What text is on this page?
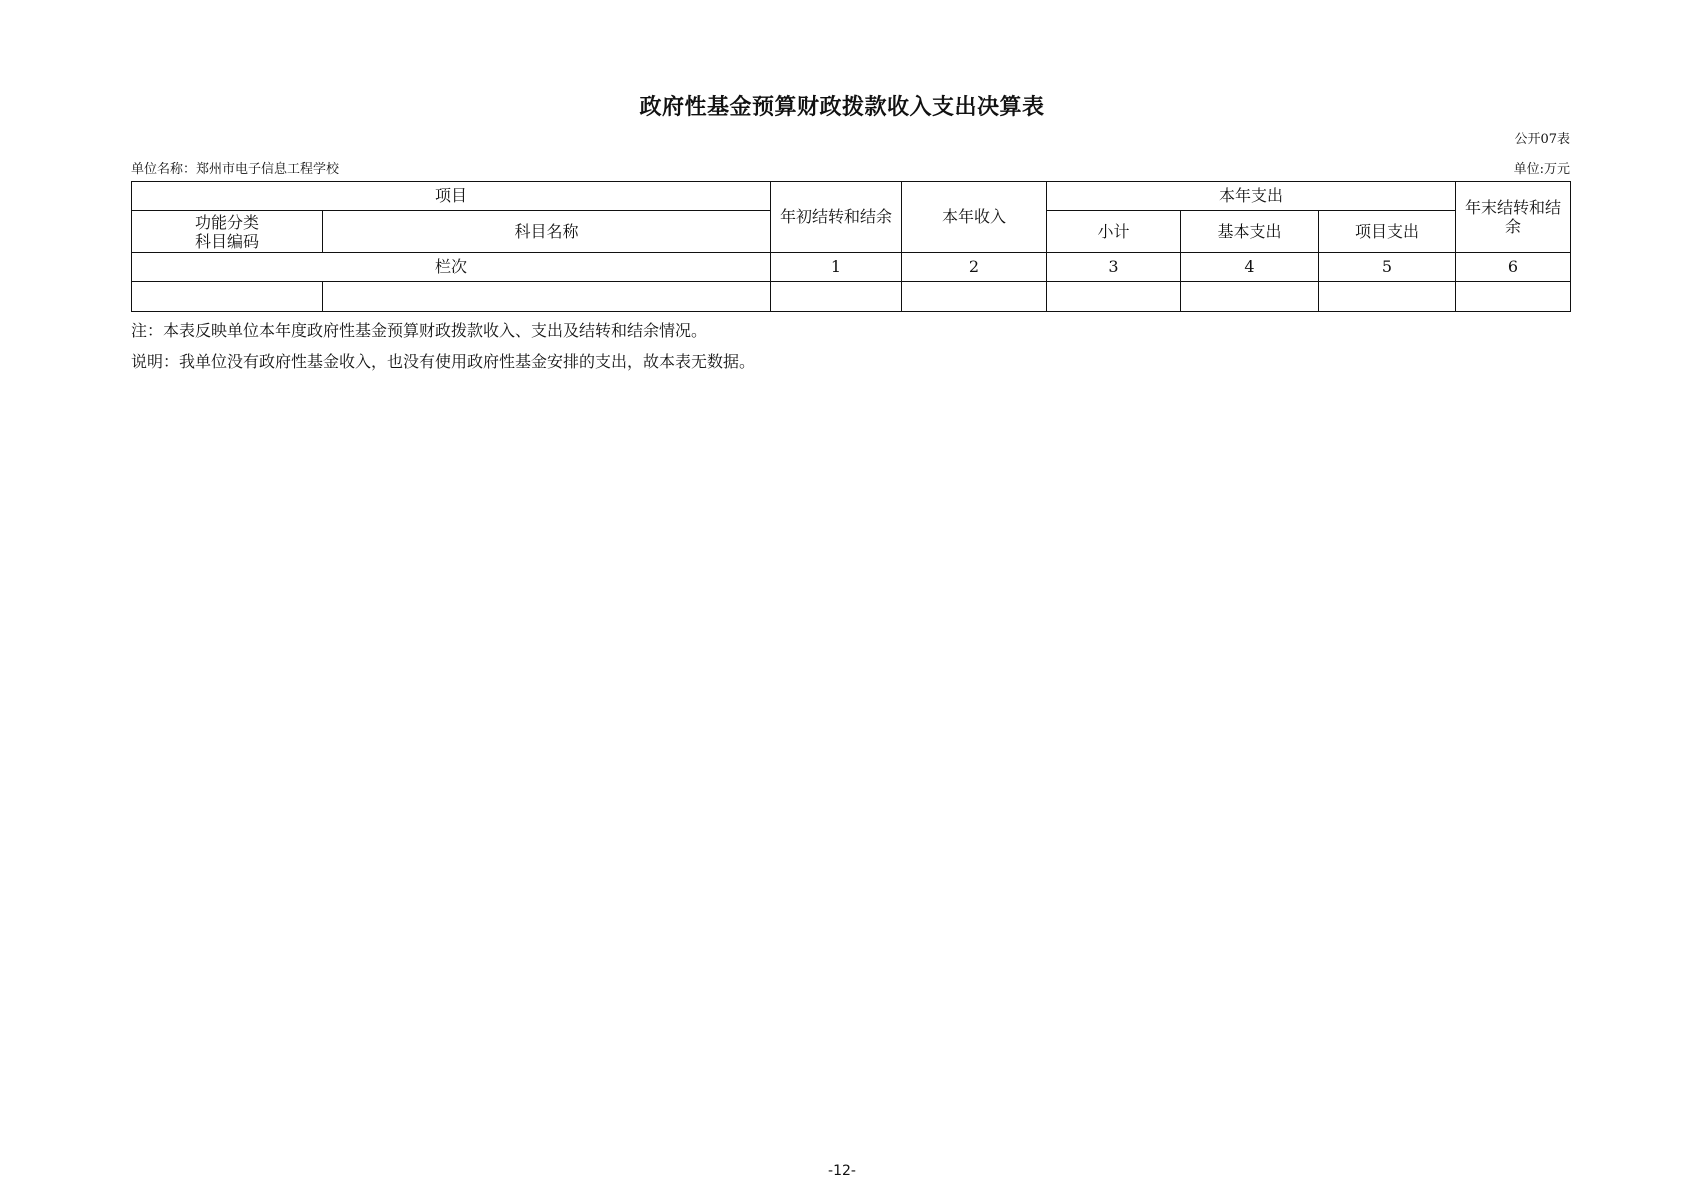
政府性基金预算财政拨款收入支出决算表
公开07表
单位名称：郑州市电子信息工程学校	单位:万元
项目		年初结转和结余	本年收入	本年支出			年末结转和结
余

功能分类
科目编码	科目名称			小计	基本支出	项目支出	
栏次		1	2	3	4	5	6

注：本表反映单位本年度政府性基金预算财政拨款收入、支出及结转和结余情况。
说明：我单位没有政府性基金收入，也没有使用政府性基金安排的支出，故本表无数据。
-12-
